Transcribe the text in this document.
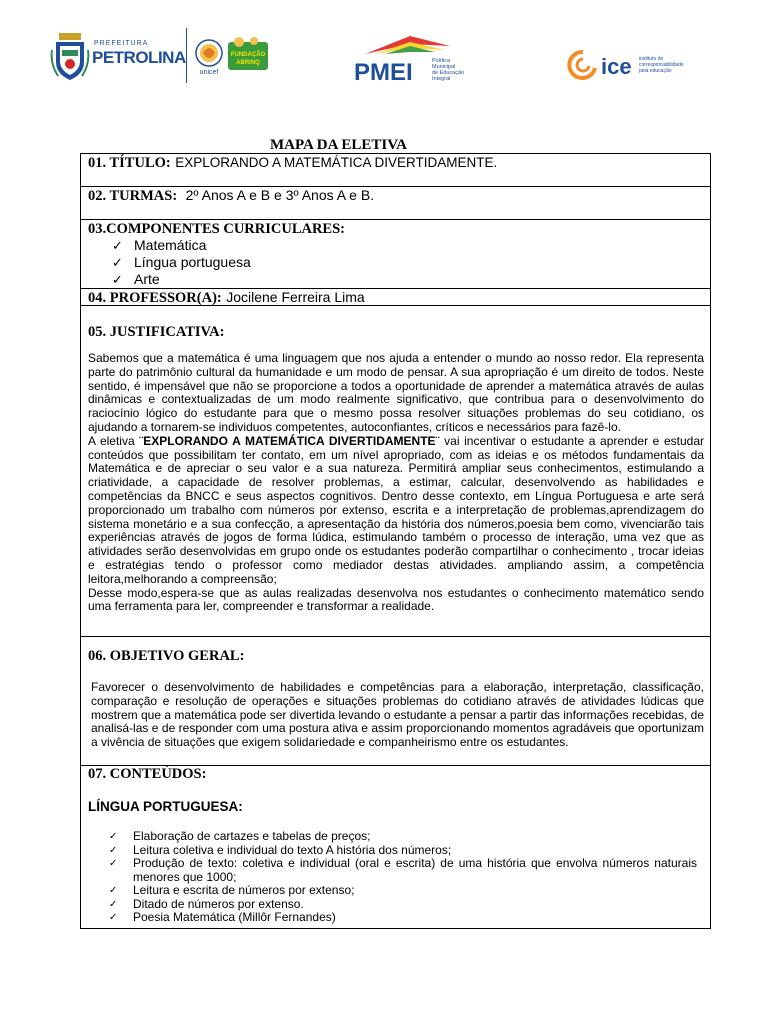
PREFEITURA
PETROLINA
unicef
FUNDAÇÃO
ABRINQ	PMEI	Política
Municipal
de Educação
Integral	ice instituto de
corresponsabilidade
pela educação
MAPA DA ELETIVA
01. TÍTULO: EXPLORANDO A MATEMÁTICA DIVERTIDAMENTE.
02. TURMAS: 2º Anos A e B e 3º Anos A e B.
03.COMPONENTES CURRICULARES:
✓ Matemática
✓ Língua portuguesa
✓ Arte
04. PROFESSOR(A): Jocilene Ferreira Lima
05. JUSTIFICATIVA:

Sabemos que a matemática é uma linguagem que nos ajuda a entender o mundo ao nosso redor. Ela representa parte do patrimônio cultural da humanidade e um modo de pensar. A sua apropriação é um direito de todos. Neste sentido, é impensável que não se proporcione a todos a oportunidade de aprender a matemática através de aulas dinâmicas e contextualizadas de um modo realmente significativo, que contribua para o desenvolvimento do raciocínio lógico do estudante para que o mesmo possa resolver situações problemas do seu cotidiano, os ajudando a tornarem-se individuos competentes, autoconfiantes, críticos e necessários para fazê-lo.

A eletiva ¨EXPLORANDO A MATEMÁTICA DIVERTIDAMENTE¨ vai incentivar o estudante a aprender e estudar conteúdos que possibilitam ter contato, em um nível apropriado, com as ideias e os métodos fundamentais da Matemática e de apreciar o seu valor e a sua natureza. Permitirá ampliar seus conhecimentos, estimulando a criatividade, a capacidade de resolver problemas, a estimar, calcular, desenvolvendo as habilidades e competências da BNCC e seus aspectos cognitivos. Dentro desse contexto, em Língua Portuguesa e arte será proporcionado um trabalho com números por extenso, escrita e a interpretação de problemas,aprendizagem do sistema monetário e a sua confecção, a apresentação da história dos números,poesia bem como, vivenciarão tais experiências através de jogos de forma lúdica, estimulando também o processo de interação, uma vez que as atividades serão desenvolvidas em grupo onde os estudantes poderão compartilhar o conhecimento , trocar ideias e estratégias tendo o professor como mediador destas atividades. ampliando assim, a competência leitora,melhorando a compreensão;

Desse modo,espera-se que as aulas realizadas desenvolva nos estudantes o conhecimento matemático sendo uma ferramenta para ler, compreender e transformar a realidade.

06. OBJETIVO GERAL:

Favorecer o desenvolvimento de habilidades e competências para a elaboração, interpretação, classificação, comparação e resolução de operações e situações problemas do cotidiano através de atividades lúdicas que mostrem que a matemática pode ser divertida levando o estudante a pensar a partir das informações recebidas, de analisá-las e de responder com uma postura ativa e assim proporcionando momentos agradáveis que oportunizam a vivência de situações que exigem solidariedade e companheirismo entre os estudantes.

07. CONTEÚDOS:
LÍNGUA PORTUGUESA:
✓ Elaboração de cartazes e tabelas de preços;
✓ Leitura coletiva e individual do texto A história dos números;
✓ Produção de texto: coletiva e individual (oral e escrita) de uma história que envolva números naturais menores que 1000;
✓ Leitura e escrita de números por extenso;
✓ Ditado de números por extenso.
✓ Poesia Matemática (Millôr Fernandes)
